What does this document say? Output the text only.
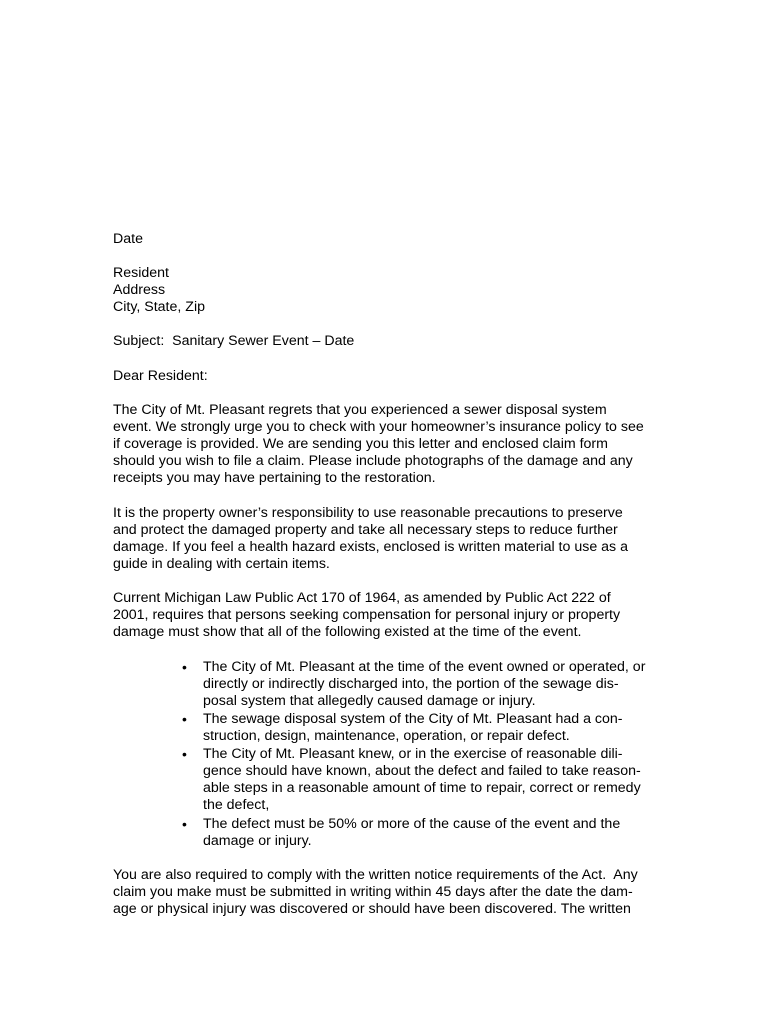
Date

Resident

Address

City, State, Zip

Subject:  Sanitary Sewer Event – Date

Dear Resident:

The City of Mt. Pleasant regrets that you experienced a sewer disposal system

event. We strongly urge you to check with your homeowner’s insurance policy to see

if coverage is provided. We are sending you this letter and enclosed claim form

should you wish to file a claim. Please include photographs of the damage and any

receipts you may have pertaining to the restoration.

It is the property owner’s responsibility to use reasonable precautions to preserve

and protect the damaged property and take all necessary steps to reduce further

damage. If you feel a health hazard exists, enclosed is written material to use as a

guide in dealing with certain items.

Current Michigan Law Public Act 170 of 1964, as amended by Public Act 222 of

2001, requires that persons seeking compensation for personal injury or property

damage must show that all of the following existed at the time of the event.

• The City of Mt. Pleasant at the time of the event owned or operated, or

directly or indirectly discharged into, the portion of the sewage dis-

posal system that allegedly caused damage or injury.

• The sewage disposal system of the City of Mt. Pleasant had a con-

struction, design, maintenance, operation, or repair defect.

• The City of Mt. Pleasant knew, or in the exercise of reasonable dili-

gence should have known, about the defect and failed to take reason-

able steps in a reasonable amount of time to repair, correct or remedy

the defect,

• The defect must be 50% or more of the cause of the event and the

damage or injury.

You are also required to comply with the written notice requirements of the Act.  Any

claim you make must be submitted in writing within 45 days after the date the dam-

age or physical injury was discovered or should have been discovered. The written
